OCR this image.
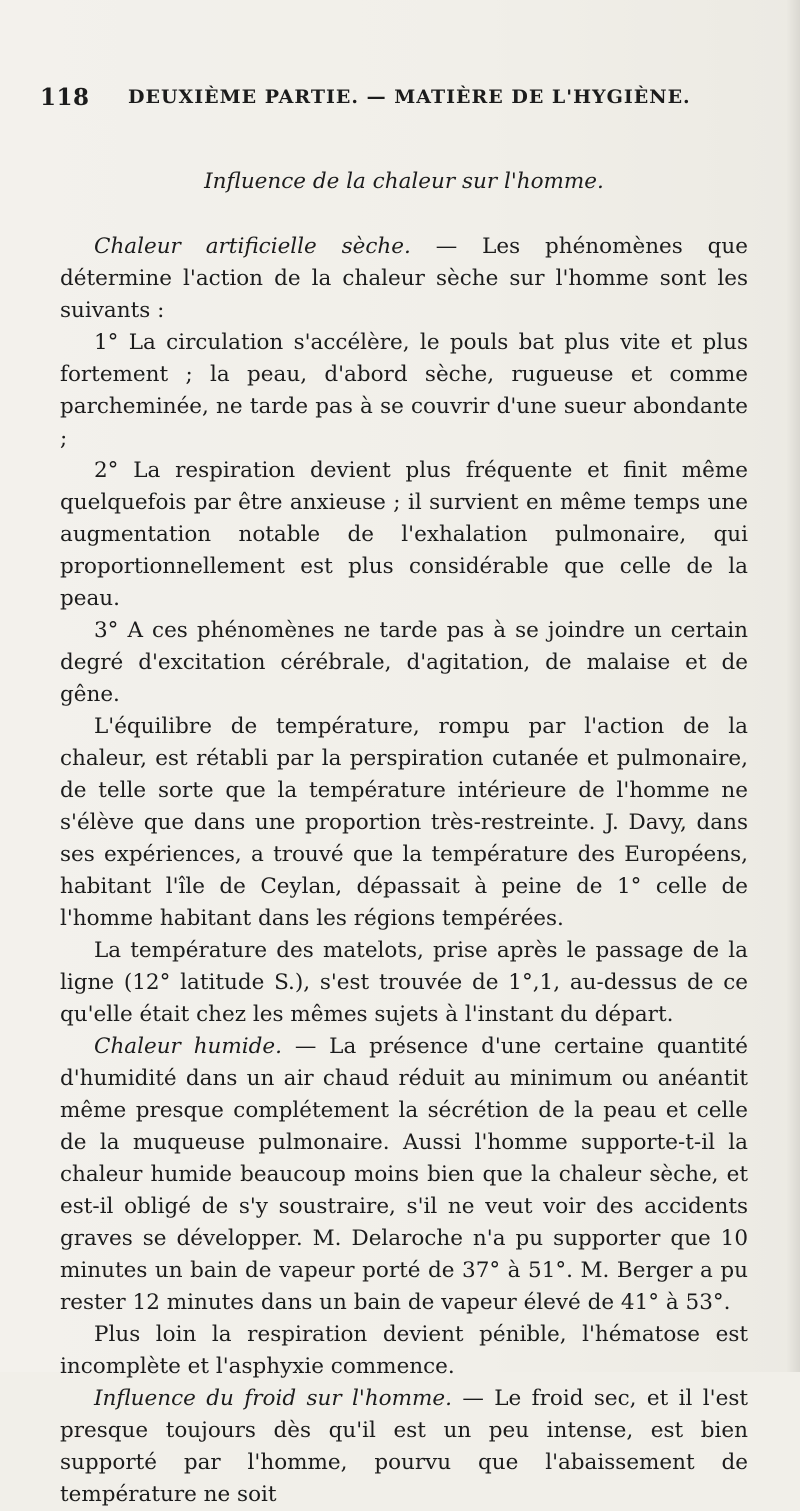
118 DEUXIÈME PARTIE. — MATIÈRE DE L'HYGIÈNE.
Influence de la chaleur sur l'homme.

Chaleur artificielle sèche. — Les phénomènes que détermine l'action de la chaleur sèche sur l'homme sont les suivants :

1° La circulation s'accélère, le pouls bat plus vite et plus fortement ; la peau, d'abord sèche, rugueuse et comme parcheminée, ne tarde pas à se couvrir d'une sueur abondante ;

2° La respiration devient plus fréquente et finit même quelquefois par être anxieuse ; il survient en même temps une augmentation notable de l'exhalation pulmonaire, qui proportionnellement est plus considérable que celle de la peau.

3° A ces phénomènes ne tarde pas à se joindre un certain degré d'excitation cérébrale, d'agitation, de malaise et de gêne.

L'équilibre de température, rompu par l'action de la chaleur, est rétabli par la perspiration cutanée et pulmonaire, de telle sorte que la température intérieure de l'homme ne s'élève que dans une proportion très-restreinte. J. Davy, dans ses expériences, a trouvé que la température des Européens, habitant l'île de Ceylan, dépassait à peine de 1° celle de l'homme habitant dans les régions tempérées.

La température des matelots, prise après le passage de la ligne (12° latitude S.), s'est trouvée de 1°,1, au-dessus de ce qu'elle était chez les mêmes sujets à l'instant du départ.

Chaleur humide. — La présence d'une certaine quantité d'humidité dans un air chaud réduit au minimum ou anéantit même presque complétement la sécrétion de la peau et celle de la muqueuse pulmonaire. Aussi l'homme supporte-t-il la chaleur humide beaucoup moins bien que la chaleur sèche, et est-il obligé de s'y soustraire, s'il ne veut voir des accidents graves se développer. M. Delaroche n'a pu supporter que 10 minutes un bain de vapeur porté de 37° à 51°. M. Berger a pu rester 12 minutes dans un bain de vapeur élevé de 41° à 53°.

Plus loin la respiration devient pénible, l'hématose est incomplète et l'asphyxie commence.

Influence du froid sur l'homme. — Le froid sec, et il l'est presque toujours dès qu'il est un peu intense, est bien supporté par l'homme, pourvu que l'abaissement de température ne soit
